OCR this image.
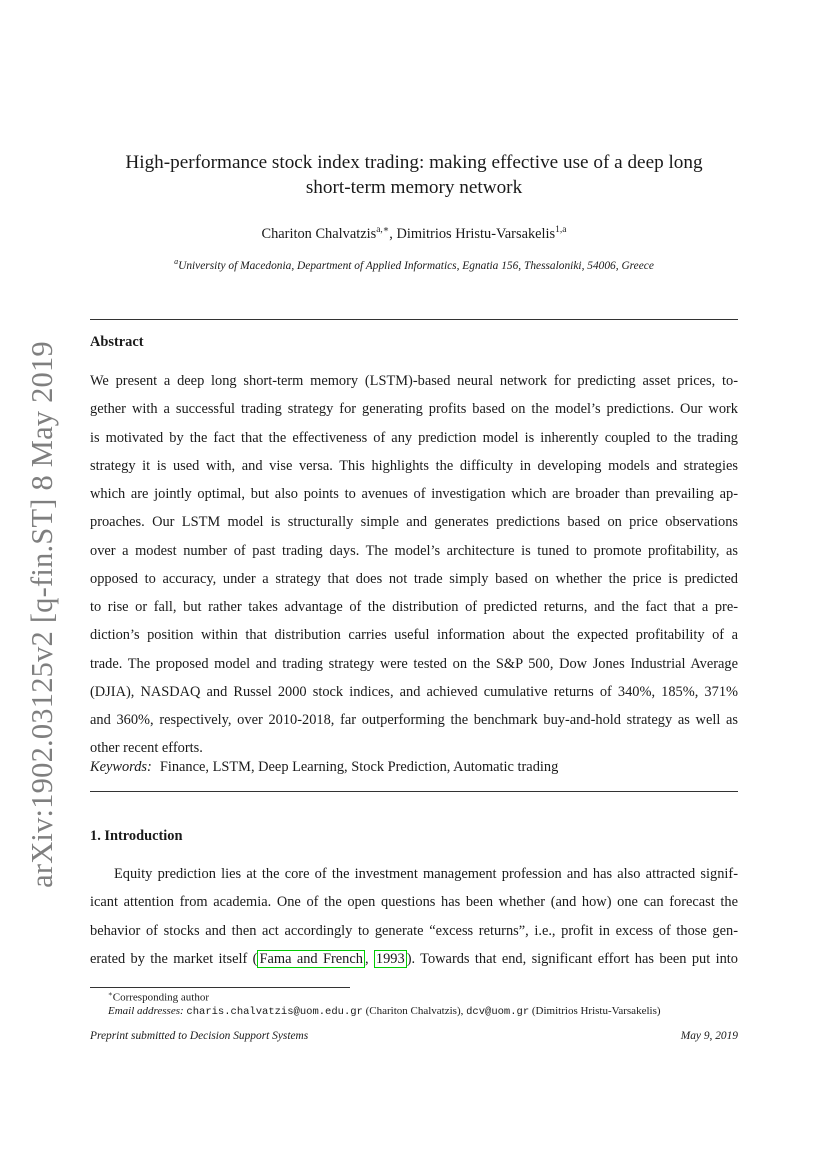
arXiv:1902.03125v2 [q-fin.ST] 8 May 2019
High-performance stock index trading: making effective use of a deep long
short-term memory network
Chariton Chalvatzis$^{a,∗}$, Dimitrios Hristu-Varsakelis$^{1,a}$
$^a$University of Macedonia, Department of Applied Informatics, Egnatia 156, Thessaloniki, 54006, Greece
Abstract
We present a deep long short-term memory (LSTM)-based neural network for predicting asset prices, to-
gether with a successful trading strategy for generating profits based on the model’s predictions. Our work
is motivated by the fact that the effectiveness of any prediction model is inherently coupled to the trading
strategy it is used with, and vise versa. This highlights the difficulty in developing models and strategies
which are jointly optimal, but also points to avenues of investigation which are broader than prevailing ap-
proaches. Our LSTM model is structurally simple and generates predictions based on price observations
over a modest number of past trading days. The model’s architecture is tuned to promote profitability, as
opposed to accuracy, under a strategy that does not trade simply based on whether the price is predicted
to rise or fall, but rather takes advantage of the distribution of predicted returns, and the fact that a pre-
diction’s position within that distribution carries useful information about the expected profitability of a
trade. The proposed model and trading strategy were tested on the S&P 500, Dow Jones Industrial Average
(DJIA), NASDAQ and Russel 2000 stock indices, and achieved cumulative returns of 340%, 185%, 371%
and 360%, respectively, over 2010-2018, far outperforming the benchmark buy-and-hold strategy as well as
other recent efforts.
Keywords: Finance, LSTM, Deep Learning, Stock Prediction, Automatic trading
1. Introduction
Equity prediction lies at the core of the investment management profession and has also attracted signif-
icant attention from academia. One of the open questions has been whether (and how) one can forecast the
behavior of stocks and then act accordingly to generate “excess returns”, i.e., profit in excess of those gen-
erated by the market itself ( Fama and French , 1993 ). Towards that end, significant effort has been put into
∗Corresponding author
Email addresses: charis.chalvatzis@uom.edu.gr (Chariton Chalvatzis), dcv@uom.gr (Dimitrios Hristu-Varsakelis)
Preprint submitted to Decision Support Systems	May 9, 2019
